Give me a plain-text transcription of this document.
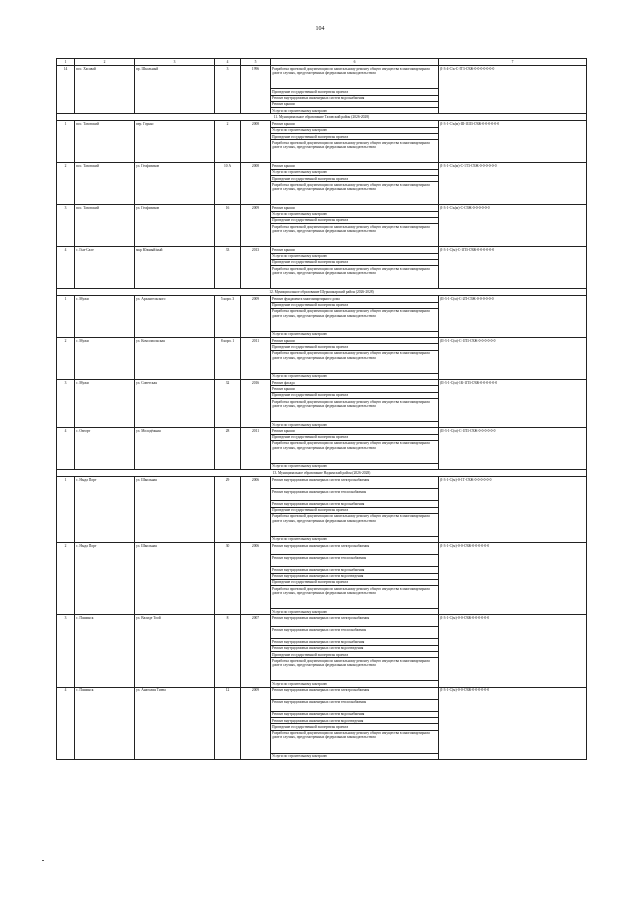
104
1	2	3	4	5	6	7
14	пос. Хасавай	пр. Школьный	3	1996	Разработка проектной документации по капитальному ремонту общего имущества в многоквартирном доме в случаях, предусмотренных федеральным законодательством	(I-3-4-С/к-С-IТ3-С9Ж-0-0-0-0-0-0-0
					Проведение государственной экспертизы проекта	
					Ремонт внутридомовых инженерных систем водоснабжения	
					Ремонт крыши	
					Услуги по строительному контролю	
11. Муниципальное образование Тазовский район (2026-2028)						
1	пос. Тазовский	пер. Горько	2	2008	Ремонт крыши	(I-3-1-С/к(м)-Ш-1Ш3-С9Ж-0-0-0-0-0-0
					Услуги по строительному контролю	
					Проведение государственной экспертизы проекта	
					Разработка проектной документации по капитальному ремонту общего имущества в многоквартирном доме в случаях, предусмотренных федеральным законодательством	
2	пос. Тазовский	ул. Геофизиков	10 А	2008	Ремонт крыши	(I-3-1-С/к(м)-С-1Т3-С9Ж-0-0-0-0-0-0
					Услуги по строительному контролю	
					Проведение государственной экспертизы проекта	
					Разработка проектной документации по капитальному ремонту общего имущества в многоквартирном доме в случаях, предусмотренных федеральным законодательством	
3	пос. Тазовский	ул. Геофизиков	16	2009	Ремонт крыши	(I-3-1-С/к(м)-С-С9Ж-0-0-0-0-0-0
					Услуги по строительному контролю	
					Проведение государственной экспертизы проекта	
					Разработка проектной документации по капитальному ремонту общего имущества в многоквартирном доме в случаях, предусмотренных федеральным законодательством	
4	с. Гыз-Сале	мкр Южный/ный	33	2013	Ремонт крыши	(I-3-1-С(м)-С-1П3-С9Ж-0-0-0-0-0-0
					Услуги по строительному контролю	
					Проведение государственной экспертизы проекта	
					Разработка проектной документации по капитальному ремонту общего имущества в многоквартирном доме в случаях, предусмотренных федеральным законодательством	
12. Муниципальное образование Шурышкарский район (2026-2028)						
1	с. Мужи	ул. Архангельского	5 корп. 3	2009	Ремонт фундамента многоквартирного дома	(II-3-1-С(м)-С-2П-С9Ж-0-0-0-0-0-0
					Проведение государственной экспертизы проекта	
					Разработка проектной документации по капитальному ремонту общего имущества в многоквартирном доме в случаях, предусмотренных федеральным законодательством	
					Услуги по строительному контролю	
2	с. Мужи	ул. Комсомольская	8 корп. 1	2011	Ремонт крыши	(II-3-1-С(м)-С-1П3-С9Ж-0-0-0-0-0-0
					Проведение государственной экспертизы проекта	
					Разработка проектной документации по капитальному ремонту общего имущества в многоквартирном доме в случаях, предусмотренных федеральным законодательством	
					Услуги по строительному контролю	
3	с. Мужи	ул. Советская	32	2016	Ремонт фасада	(II-3-1-С(м)-1К-1П3-С9Ж-0-0-0-0-0-0
					Ремонт крыши	
					Проведение государственной экспертизы проекта	
					Разработка проектной документации по капитальному ремонту общего имущества в многоквартирном доме в случаях, предусмотренных федеральным законодательством	
					Услуги по строительному контролю	
4	с. Овгорт	ул. Молодёжная	28	2011	Ремонт крыши	(II-3-1-С(м)-С-1П3-С9Ж-0-0-0-0-0-0
					Проведение государственной экспертизы проекта	
					Разработка проектной документации по капитальному ремонту общего имущества в многоквартирном доме в случаях, предусмотренных федеральным законодательством	
					Услуги по строительному контролю	
13. Муниципальное образование Надымский район (2026-2028)						
1	с. Ныдa Порт	ул. Школьная	29	2006	Ремонт внутридомовых инженерных систем электроснабжения	(I-3-1-С(м)-0-1Т-С9Ж-0-0-0-0-0-0
					Ремонт внутридомовых инженерных систем теплоснабжения	
					Ремонт внутридомовых инженерных систем водоснабжения	
					Проведение государственной экспертизы проекта	
					Разработка проектной документации по капитальному ремонту общего имущества в многоквартирном доме в случаях, предусмотренных федеральным законодательством	
					Услуги по строительному контролю	
2	с. Ныдa Порт	ул. Школьная	30	2006	Ремонт внутридомовых инженерных систем электроснабжения	(I-3-1-С(м)-0-0-С9Ж-0-0-0-0-0-0
					Ремонт внутридомовых инженерных систем теплоснабжения	
					Ремонт внутридомовых инженерных систем водоснабжения	
					Ремонт внутридомовых инженерных систем водоотведения	
					Проведение государственной экспертизы проекта	
					Разработка проектной документации по капитальному ремонту общего имущества в многоквартирном доме в случаях, предусмотренных федеральным законодательством	
					Услуги по строительному контролю	
3	с. Пашинск	ул. Валиде Тоой	8	2007	Ремонт внутридомовых инженерных систем электроснабжения	(I-3-1-С(м)-0-0-С9Ж-0-0-0-0-0-0
					Ремонт внутридомовых инженерных систем теплоснабжения	
					Ремонт внутридомовых инженерных систем водоснабжения	
					Ремонт внутридомовых инженерных систем водоотведения	
					Проведение государственной экспертизы проекта	
					Разработка проектной документации по капитальному ремонту общего имущества в многоквартирном доме в случаях, предусмотренных федеральным законодательством	
					Услуги по строительному контролю	
4	с. Пашинск	ул. Анатолия Тиева	12	2009	Ремонт внутридомовых инженерных систем электроснабжения	(I-3-1-С(м)-0-0-С9Ж-0-0-0-0-0-0
					Ремонт внутридомовых инженерных систем теплоснабжения	
					Ремонт внутридомовых инженерных систем водоснабжения	
					Ремонт внутридомовых инженерных систем водоотведения	
					Проведение государственной экспертизы проекта	
					Разработка проектной документации по капитальному ремонту общего имущества в многоквартирном доме в случаях, предусмотренных федеральным законодательством	
					Услуги по строительному контролю	
